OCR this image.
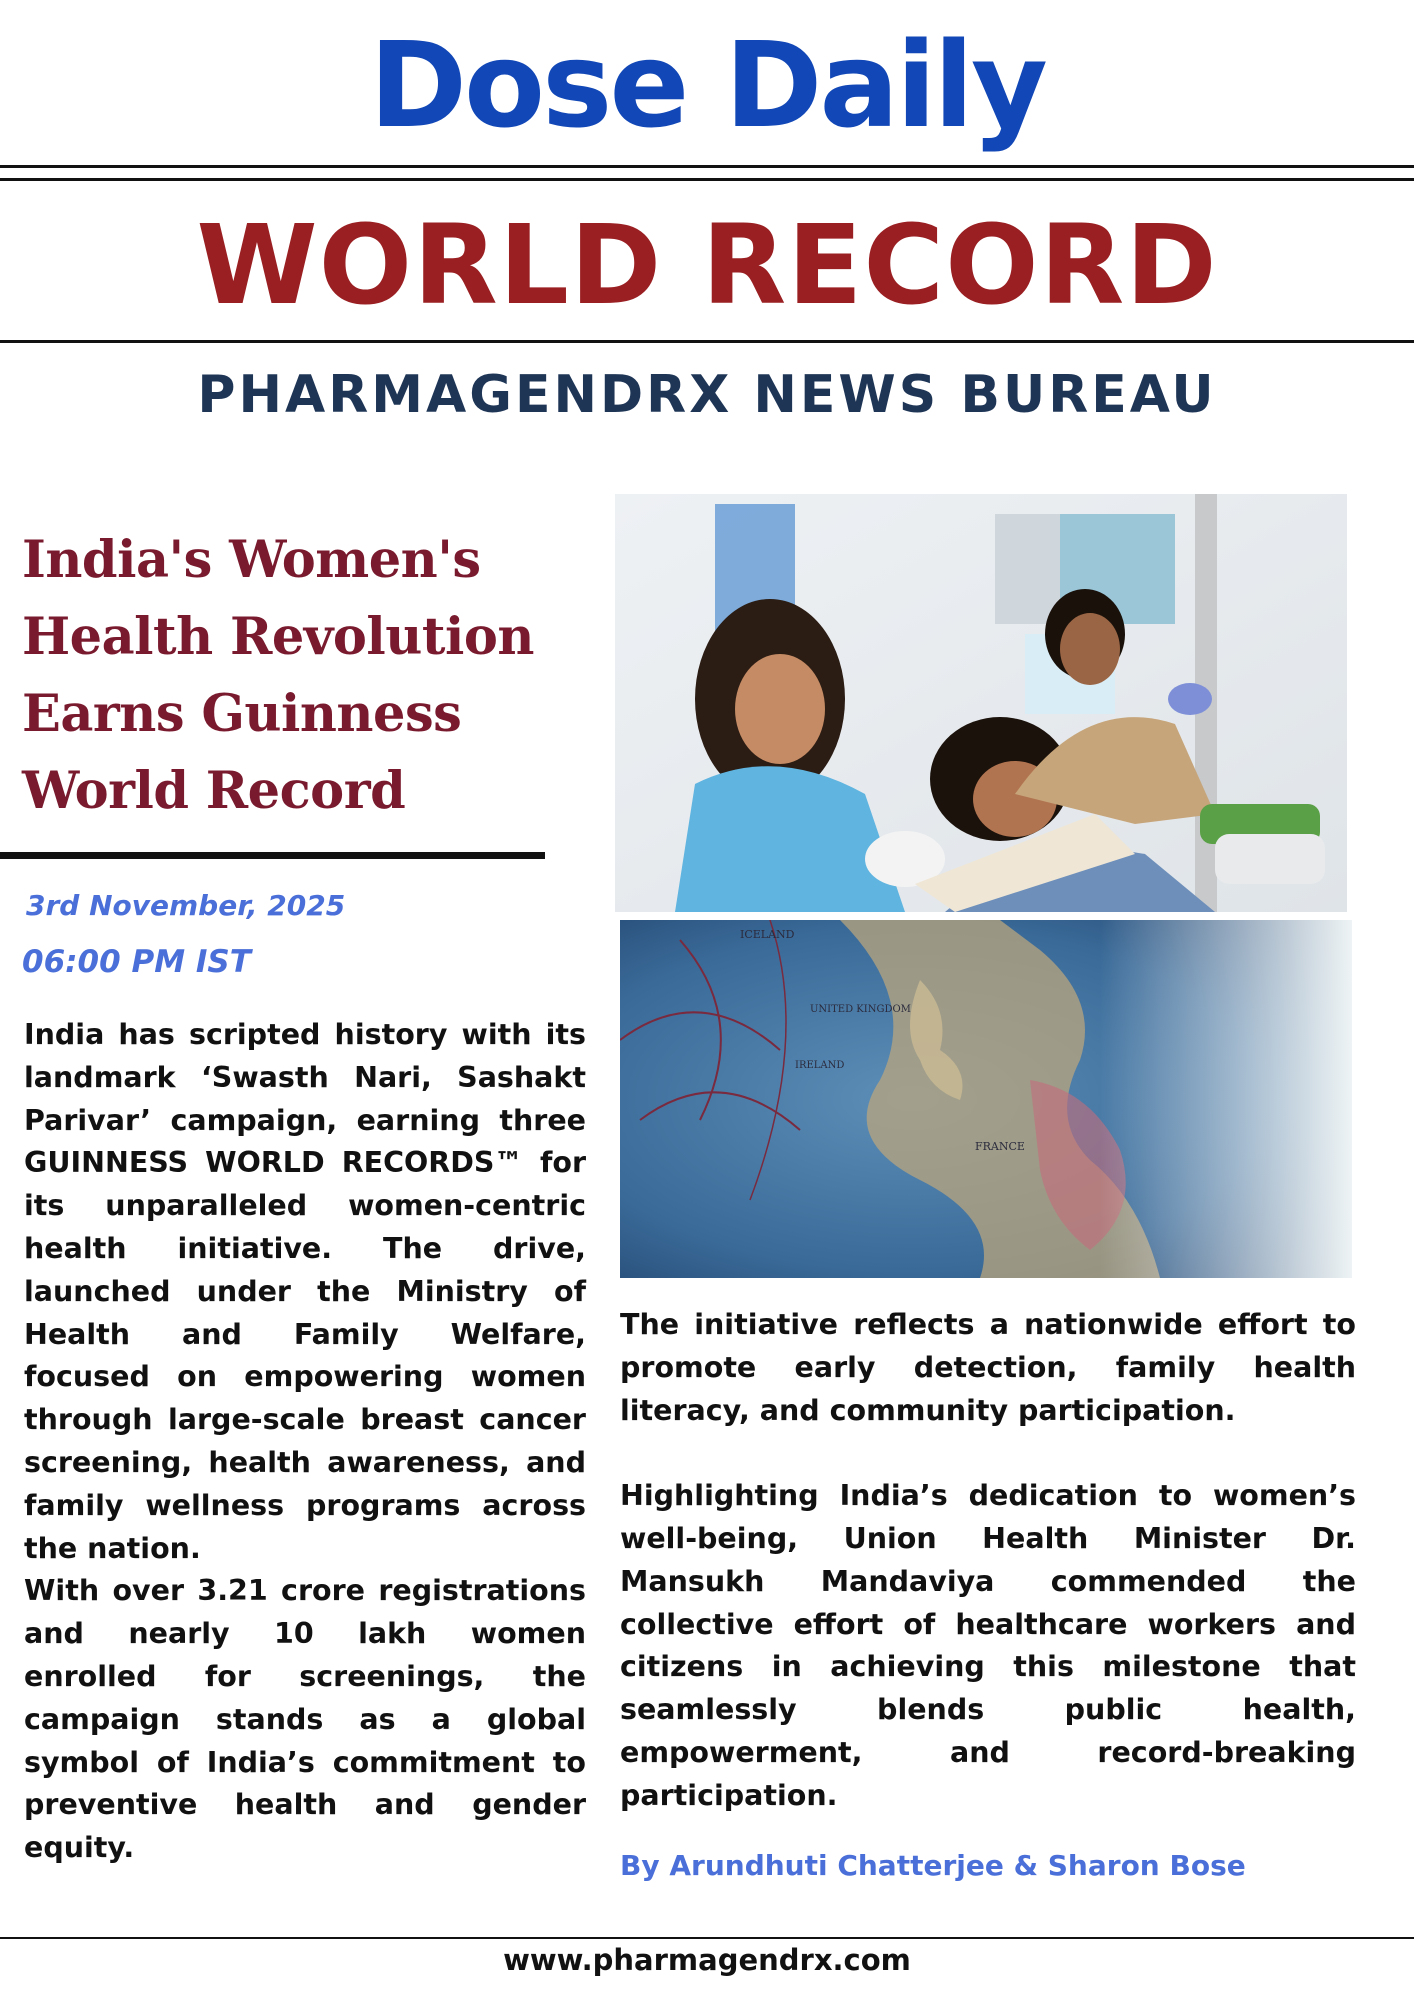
Dose Daily
WORLD RECORD
PHARMAGENDRX NEWS BUREAU
India's Women's Health Revolution Earns Guinness World Record
3rd November, 2025
06:00 PM IST

India has scripted history with its landmark ‘Swasth Nari, Sashakt Parivar’ campaign, earning three GUINNESS WORLD RECORDS™ for its unparalleled women-centric health initiative. The drive, launched under the Ministry of Health and Family Welfare, focused on empowering women through large-scale breast cancer screening, health awareness, and family wellness programs across the nation.

With over 3.21 crore registrations and nearly 10 lakh women enrolled for screenings, the campaign stands as a global symbol of India’s commitment to preventive health and gender equity.

ICELAND
UNITED KINGDOM
IRELAND
FRANCE

The initiative reflects a nationwide effort to promote early detection, family health literacy, and community participation.

Highlighting India’s dedication to women’s well-being, Union Health Minister Dr. Mansukh Mandaviya commended the collective effort of healthcare workers and citizens in achieving this milestone that seamlessly blends public health, empowerment, and record-breaking participation.

By Arundhuti Chatterjee & Sharon Bose
www.pharmagendrx.com
